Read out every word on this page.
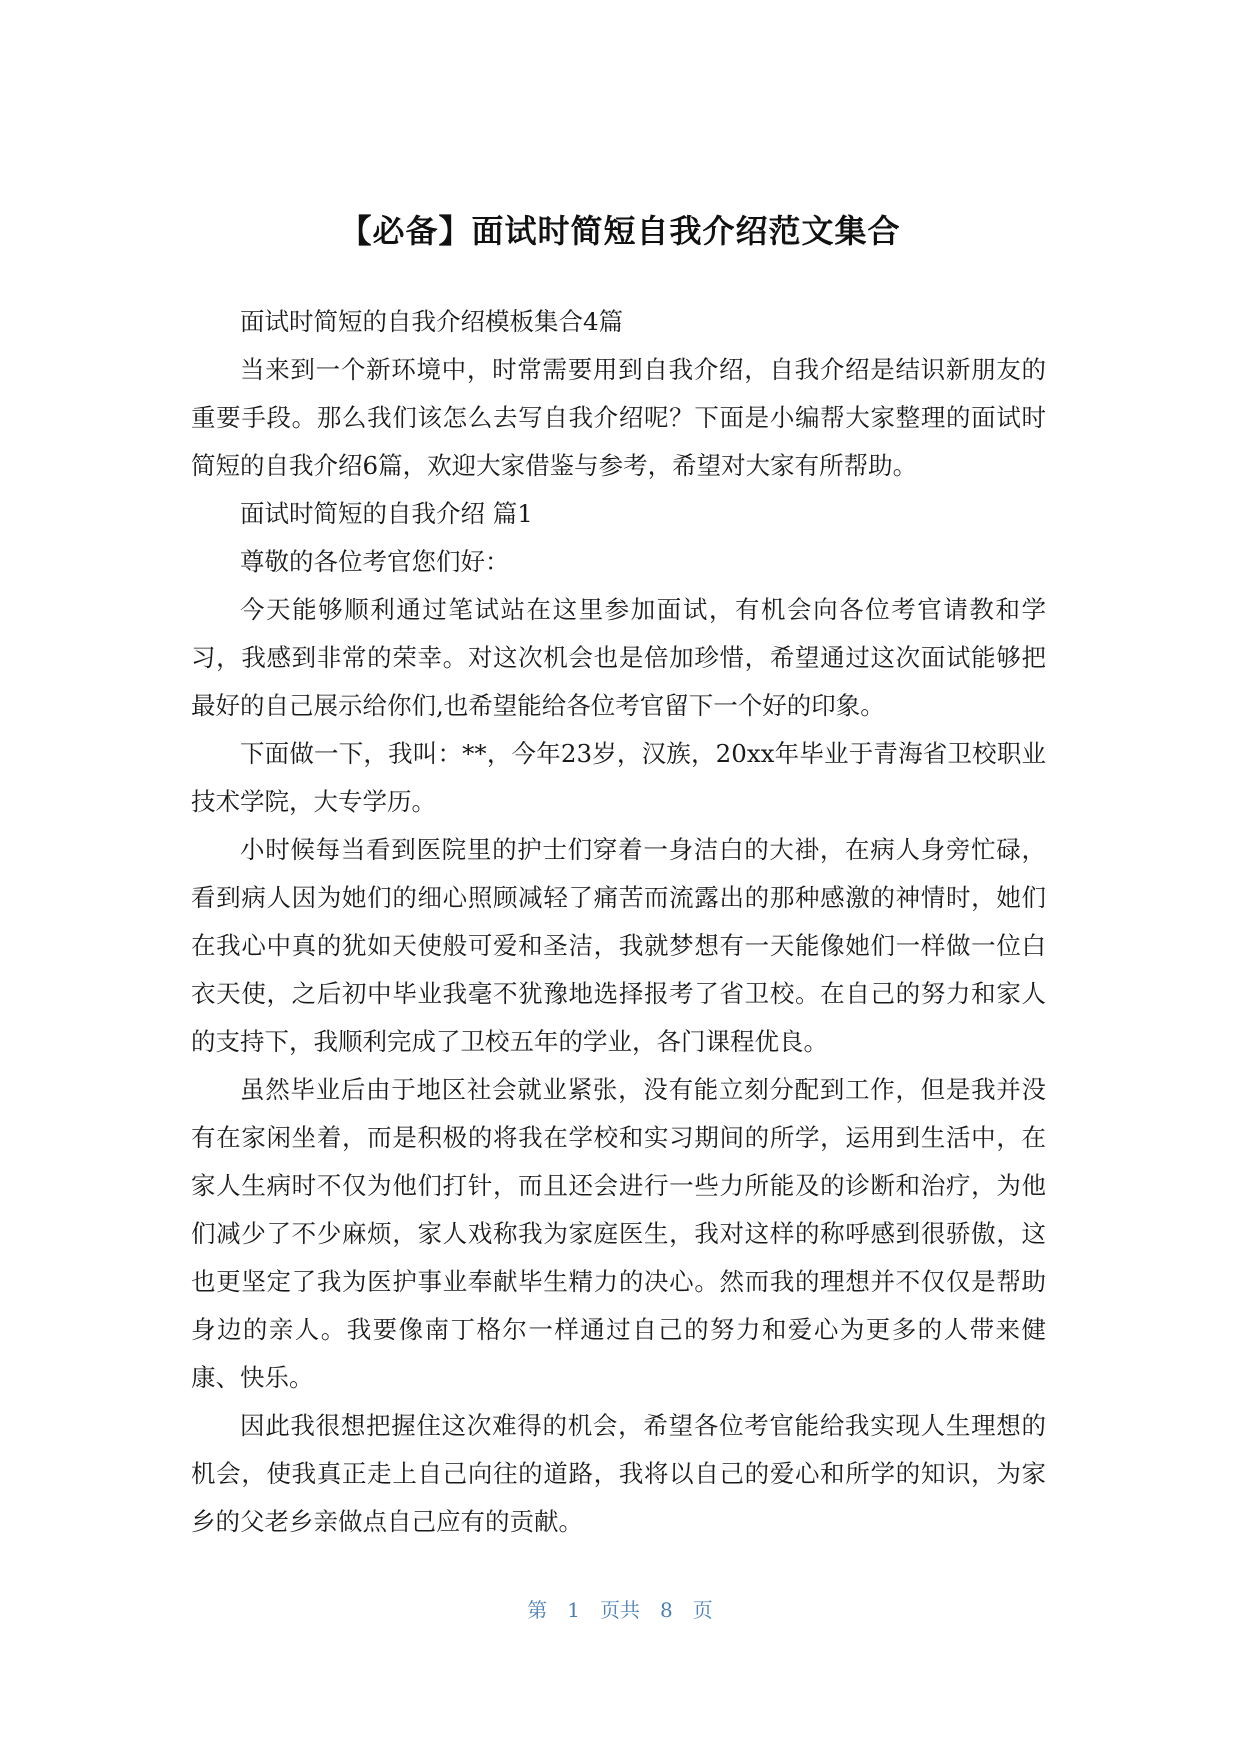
【必备】面试时简短自我介绍范文集合

面试时简短的自我介绍模板集合4篇

当来到一个新环境中，时常需要用到自我介绍，自我介绍是结识新朋友的重要手段。那么我们该怎么去写自我介绍呢？下面是小编帮大家整理的面试时简短的自我介绍6篇，欢迎大家借鉴与参考，希望对大家有所帮助。

面试时简短的自我介绍 篇1

尊敬的各位考官您们好：

今天能够顺利通过笔试站在这里参加面试，有机会向各位考官请教和学习，我感到非常的荣幸。对这次机会也是倍加珍惜，希望通过这次面试能够把最好的自己展示给你们,也希望能给各位考官留下一个好的印象。

下面做一下，我叫：**，今年23岁，汉族，20xx年毕业于青海省卫校职业技术学院，大专学历。

小时候每当看到医院里的护士们穿着一身洁白的大褂，在病人身旁忙碌，看到病人因为她们的细心照顾减轻了痛苦而流露出的那种感激的神情时，她们在我心中真的犹如天使般可爱和圣洁，我就梦想有一天能像她们一样做一位白衣天使，之后初中毕业我毫不犹豫地选择报考了省卫校。在自己的努力和家人的支持下，我顺利完成了卫校五年的学业，各门课程优良。

虽然毕业后由于地区社会就业紧张，没有能立刻分配到工作，但是我并没有在家闲坐着，而是积极的将我在学校和实习期间的所学，运用到生活中，在家人生病时不仅为他们打针，而且还会进行一些力所能及的诊断和治疗，为他们减少了不少麻烦，家人戏称我为家庭医生，我对这样的称呼感到很骄傲，这也更坚定了我为医护事业奉献毕生精力的决心。然而我的理想并不仅仅是帮助身边的亲人。我要像南丁格尔一样通过自己的努力和爱心为更多的人带来健康、快乐。

因此我很想把握住这次难得的机会，希望各位考官能给我实现人生理想的机会，使我真正走上自己向往的道路，我将以自己的爱心和所学的知识，为家乡的父老乡亲做点自己应有的贡献。

第 1 页共 8 页
